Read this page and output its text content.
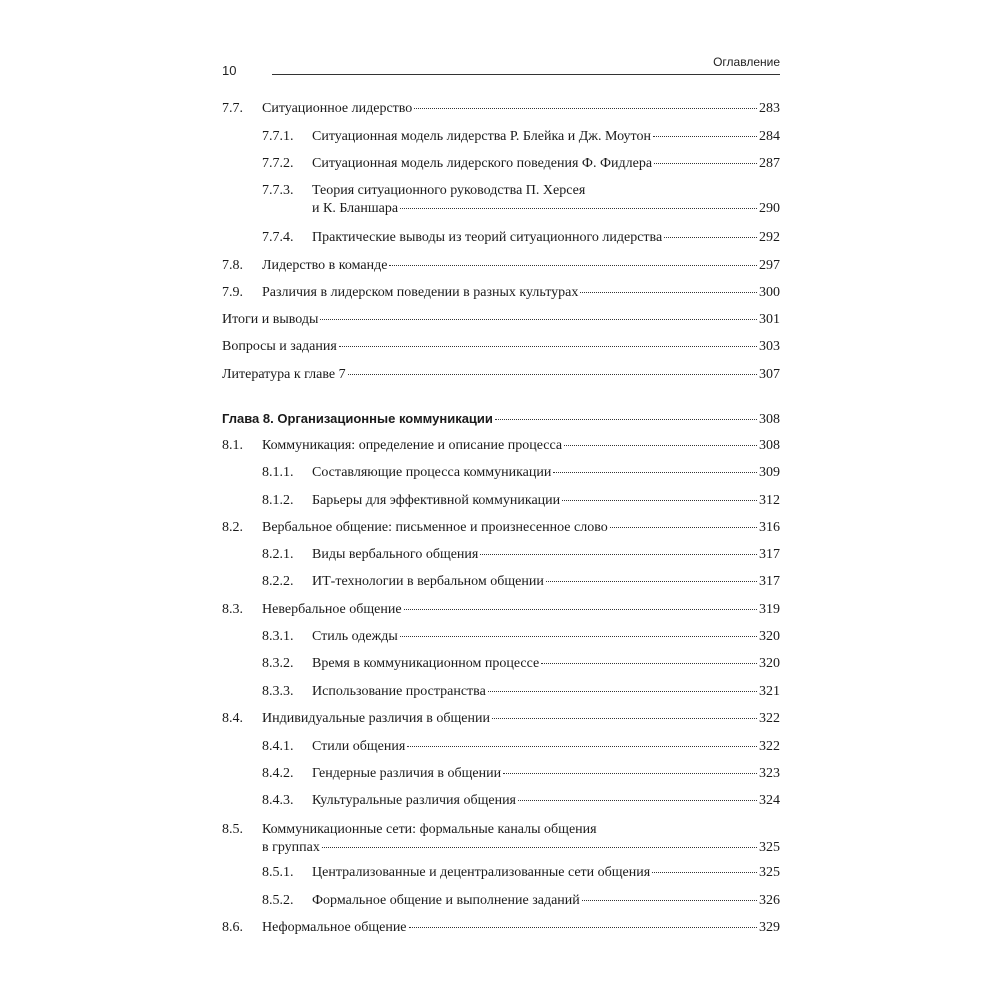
10
Оглавление
7.7. Ситуационное лидерство	283
7.7.1. Ситуационная модель лидерства Р. Блейка и Дж. Моутон	284
7.7.2. Ситуационная модель лидерского поведения Ф. Фидлера	287
7.7.3. Теория ситуационного руководства П. Херсея
и К. Бланшара	290
7.7.4. Практические выводы из теорий ситуационного лидерства	292
7.8. Лидерство в команде	297
7.9. Различия в лидерском поведении в разных культурах	300
Итоги и выводы	301
Вопросы и задания	303
Литература к главе 7	307
Глава 8. Организационные коммуникации	308
8.1. Коммуникация: определение и описание процесса	308
8.1.1. Составляющие процесса коммуникации	309
8.1.2. Барьеры для эффективной коммуникации	312
8.2. Вербальное общение: письменное и произнесенное слово	316
8.2.1. Виды вербального общения	317
8.2.2. ИТ-технологии в вербальном общении	317
8.3. Невербальное общение	319
8.3.1. Стиль одежды	320
8.3.2. Время в коммуникационном процессе	320
8.3.3. Использование пространства	321
8.4. Индивидуальные различия в общении	322
8.4.1. Стили общения	322
8.4.2. Гендерные различия в общении	323
8.4.3. Культуральные различия общения	324
8.5. Коммуникационные сети: формальные каналы общения
в группах	325
8.5.1. Централизованные и децентрализованные сети общения	325
8.5.2. Формальное общение и выполнение заданий	326
8.6. Неформальное общение	329
